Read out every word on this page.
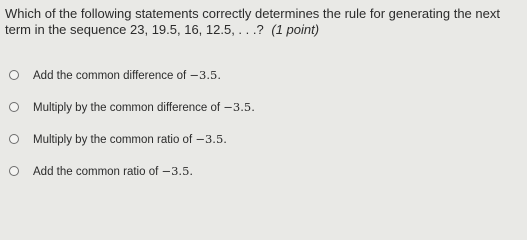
Which of the following statements correctly determines the rule for generating the next term in the sequence 23, 19.5, 16, 12.5, . . .? (1 point)
Add the common difference of −3.5.
Multiply by the common difference of −3.5.
Multiply by the common ratio of −3.5.
Add the common ratio of −3.5.
